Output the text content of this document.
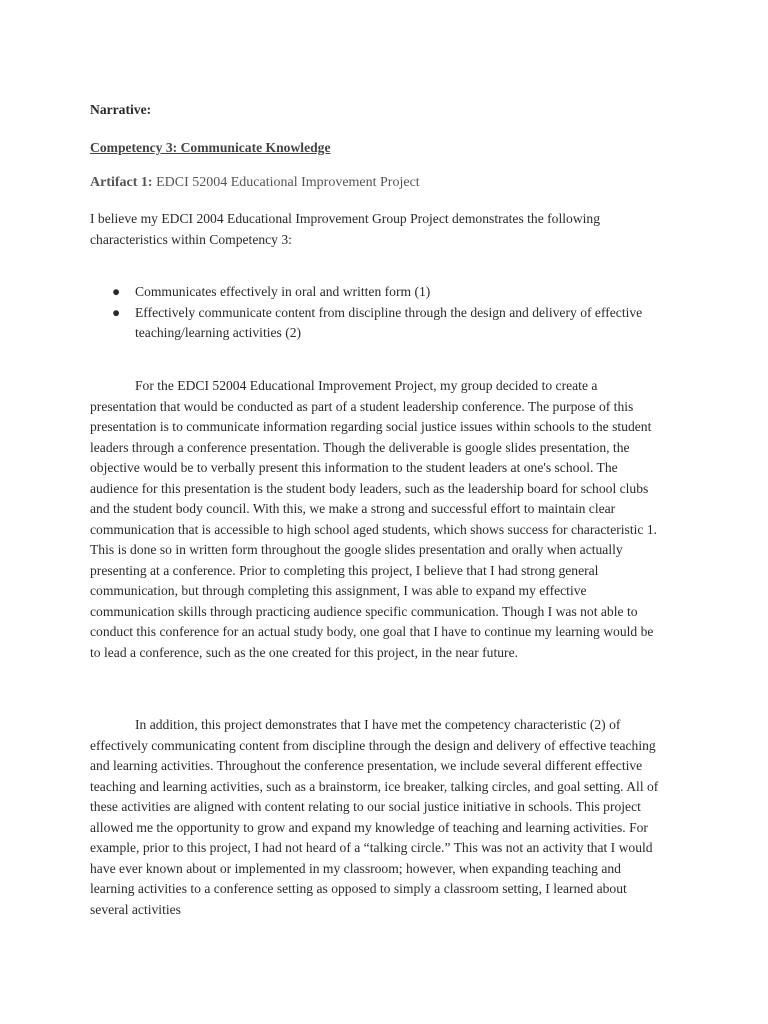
Narrative:

Competency 3: Communicate Knowledge
Artifact 1: EDCI 52004 Educational Improvement Project
I believe my EDCI 2004 Educational Improvement Group Project demonstrates the following characteristics within Competency 3:
● Communicates effectively in oral and written form (1)
● Effectively communicate content from discipline through the design and delivery of effective teaching/learning activities (2)

For the EDCI 52004 Educational Improvement Project, my group decided to create a presentation that would be conducted as part of a student leadership conference. The purpose of this presentation is to communicate information regarding social justice issues within schools to the student leaders through a conference presentation. Though the deliverable is google slides presentation, the objective would be to verbally present this information to the student leaders at one's school. The audience for this presentation is the student body leaders, such as the leadership board for school clubs and the student body council. With this, we make a strong and successful effort to maintain clear communication that is accessible to high school aged students, which shows success for characteristic 1. This is done so in written form throughout the google slides presentation and orally when actually presenting at a conference. Prior to completing this project, I believe that I had strong general communication, but through completing this assignment, I was able to expand my effective communication skills through practicing audience specific communication. Though I was not able to conduct this conference for an actual study body, one goal that I have to continue my learning would be to lead a conference, such as the one created for this project, in the near future.

In addition, this project demonstrates that I have met the competency characteristic (2) of effectively communicating content from discipline through the design and delivery of effective teaching and learning activities. Throughout the conference presentation, we include several different effective teaching and learning activities, such as a brainstorm, ice breaker, talking circles, and goal setting. All of these activities are aligned with content relating to our social justice initiative in schools. This project allowed me the opportunity to grow and expand my knowledge of teaching and learning activities. For example, prior to this project, I had not heard of a “talking circle.” This was not an activity that I would have ever known about or implemented in my classroom; however, when expanding teaching and learning activities to a conference setting as opposed to simply a classroom setting, I learned about several activities
